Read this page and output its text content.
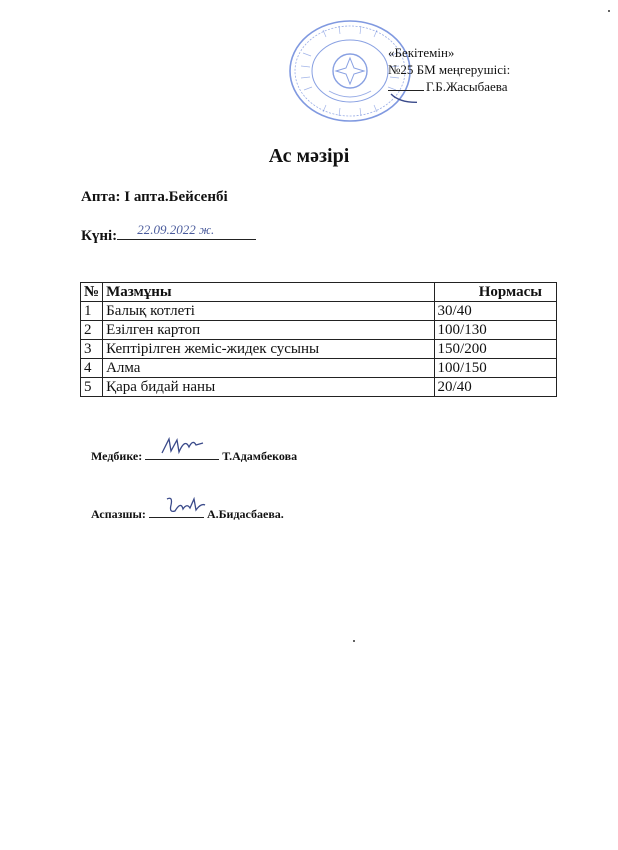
«Бекітемін»
№25 БМ меңгерушісі:
Г.Б.Жасыбаева
Ас мәзірі
Апта: І апта.Бейсенбі
Күні: 22.09.2022 ж.
№	Мазмұны	Нормасы
1	Балық котлеті	30/40
2	Езілген картоп	100/130
3	Кептірілген жеміс-жидек сусыны	150/200
4	Алма	100/150
5	Қара бидай наны	20/40
Медбике:	Т.Адамбекова
Аспазшы:	А.Бидасбаева.
